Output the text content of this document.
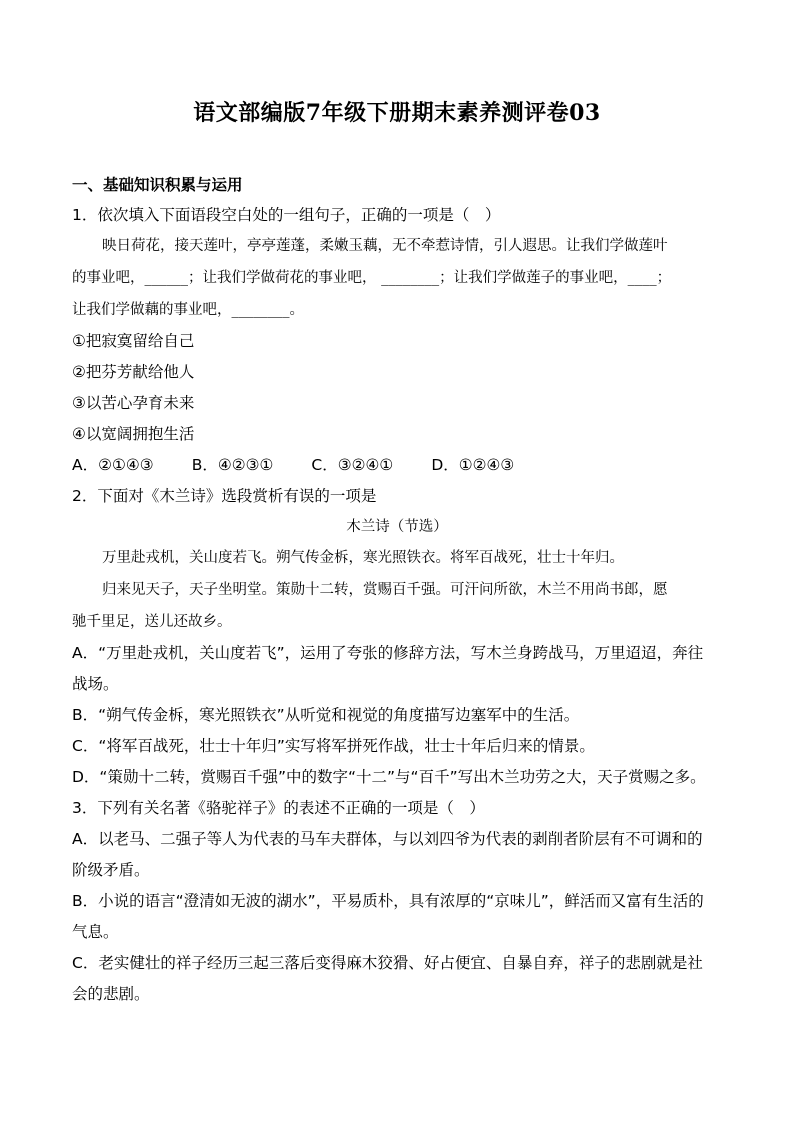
语文部编版7年级下册期末素养测评卷03
一、基础知识积累与运用
1．依次填入下面语段空白处的一组句子，正确的一项是（　）
映日荷花，接天莲叶，亭亭莲蓬，柔嫩玉藕，无不牵惹诗情，引人遐思。让我们学做莲叶
的事业吧，______；让我们学做荷花的事业吧， ________；让我们学做莲子的事业吧，____；
让我们学做藕的事业吧，________。
①把寂寞留给自己
②把芬芳献给他人
③以苦心孕育未来
④以宽阔拥抱生活
A．②①④③ B．④②③① C．③②④① D．①②④③
2．下面对《木兰诗》选段赏析有误的一项是
木兰诗（节选）
万里赴戎机，关山度若飞。朔气传金柝，寒光照铁衣。将军百战死，壮士十年归。
归来见天子，天子坐明堂。策勋十二转，赏赐百千强。可汗问所欲，木兰不用尚书郎，愿
驰千里足，送儿还故乡。
A．“万里赴戎机，关山度若飞”，运用了夸张的修辞方法，写木兰身跨战马，万里迢迢，奔往
战场。
B．“朔气传金柝，寒光照铁衣”从听觉和视觉的角度描写边塞军中的生活。
C．“将军百战死，壮士十年归”实写将军拼死作战，壮士十年后归来的情景。
D．“策勋十二转，赏赐百千强”中的数字“十二”与“百千”写出木兰功劳之大，天子赏赐之多。
3．下列有关名著《骆驼祥子》的表述不正确的一项是（　）
A．以老马、二强子等人为代表的马车夫群体，与以刘四爷为代表的剥削者阶层有不可调和的
阶级矛盾。
B．小说的语言“澄清如无波的湖水”，平易质朴，具有浓厚的“京味儿”，鲜活而又富有生活的
气息。
C．老实健壮的祥子经历三起三落后变得麻木狡猾、好占便宜、自暴自弃，祥子的悲剧就是社
会的悲剧。
